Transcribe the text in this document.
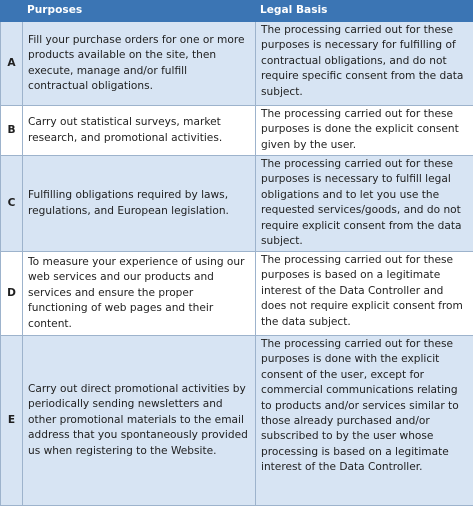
	Purposes	Legal Basis
A	Fill your purchase orders for one or more products available on the site, then execute, manage and/or fulfill contractual obligations.	The processing carried out for these purposes is necessary for fulfilling of contractual obligations, and do not require specific consent from the data subject.
B	Carry out statistical surveys, market research, and promotional activities.	The processing carried out for these purposes is done the explicit consent given by the user.
C	Fulfilling obligations required by laws, regulations, and European legislation.	The processing carried out for these purposes is necessary to fulfill legal obligations and to let you use the requested services/goods, and do not require explicit consent from the data subject.
D	To measure your experience of using our web services and our products and services and ensure the proper functioning of web pages and their content.	The processing carried out for these purposes is based on a legitimate interest of the Data Controller and does not require explicit consent from the data subject.
E	Carry out direct promotional activities by periodically sending newsletters and other promotional materials to the email address that you spontaneously provided us when registering to the Website.	The processing carried out for these purposes is done with the explicit consent of the user, except for commercial communications relating to products and/or services similar to those already purchased and/or subscribed to by the user whose processing is based on a legitimate interest of the Data Controller.
